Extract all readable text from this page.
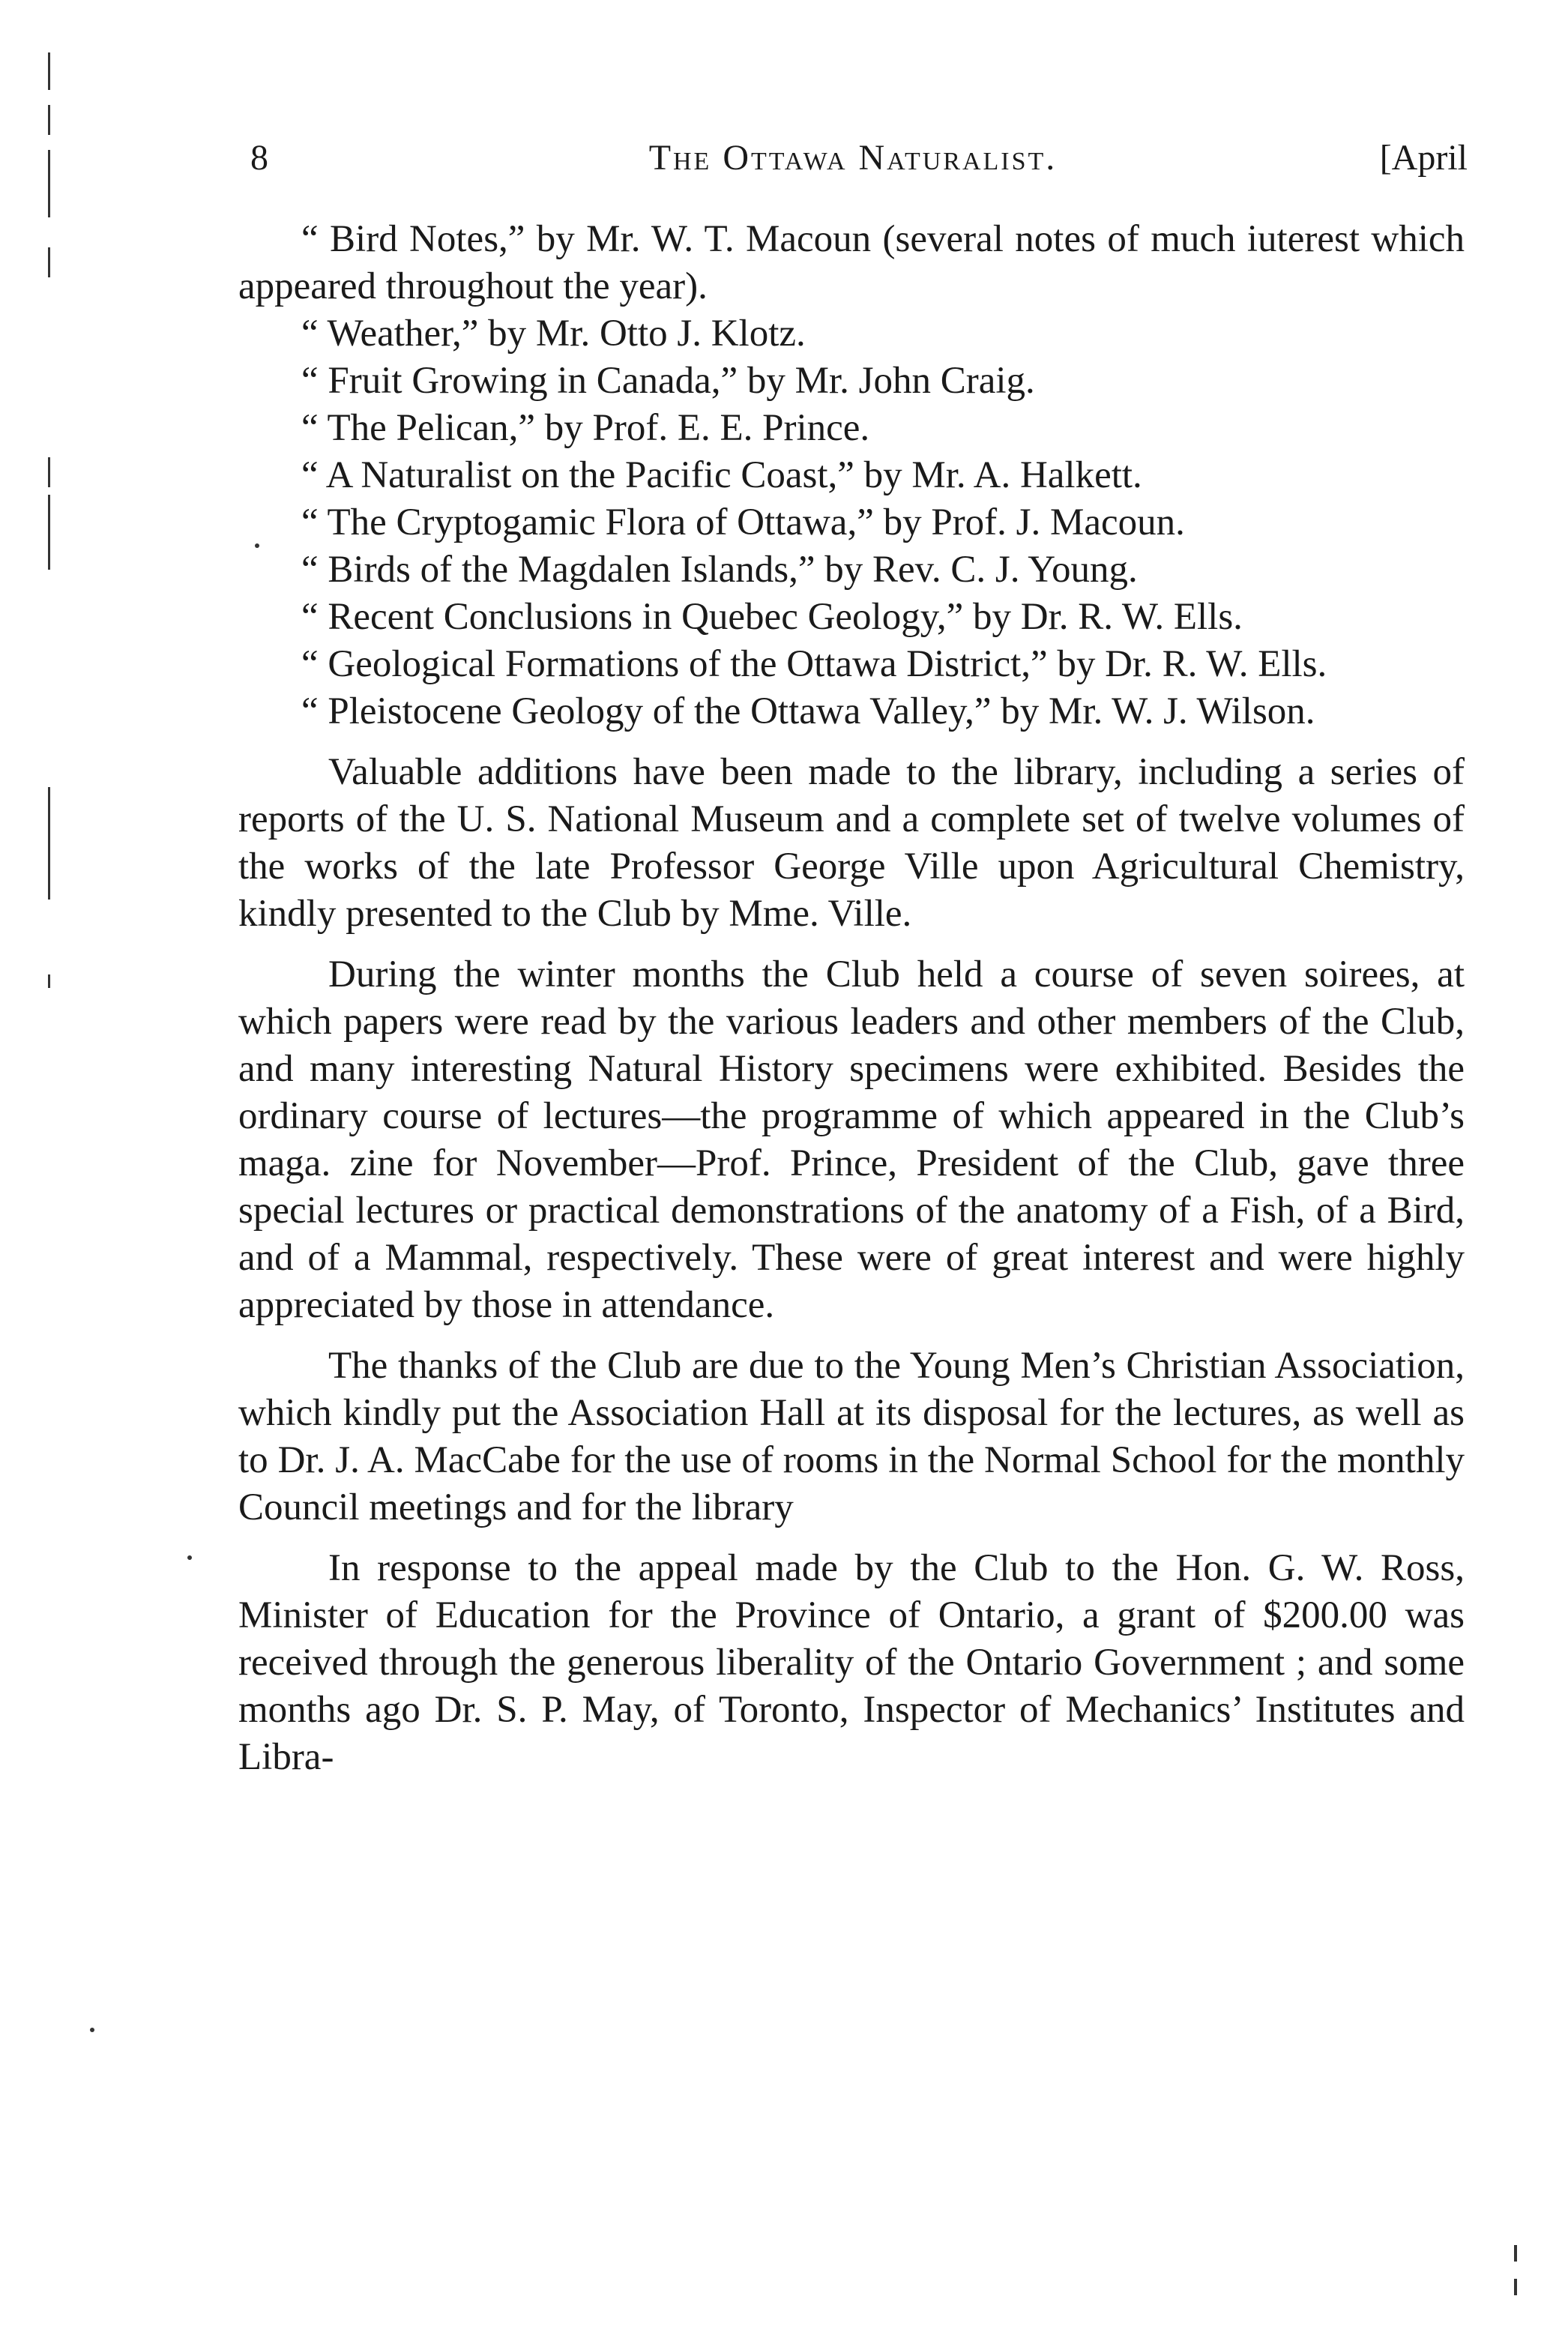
8	The Ottawa Naturalist.	[April

“ Bird Notes,” by Mr. W. T. Macoun (several notes of much iuterest which appeared throughout the year).

“ Weather,” by Mr. Otto J. Klotz.

“ Fruit Growing in Canada,” by Mr. John Craig.

“ The Pelican,” by Prof. E. E. Prince.

“ A Naturalist on the Pacific Coast,” by Mr. A. Halkett.

“ The Cryptogamic Flora of Ottawa,” by Prof. J. Macoun.

“ Birds of the Magdalen Islands,” by Rev. C. J. Young.

“ Recent Conclusions in Quebec Geology,” by Dr. R. W. Ells.

“ Geological Formations of the Ottawa District,” by Dr. R. W. Ells.

“ Pleistocene Geology of the Ottawa Valley,” by Mr. W. J. Wilson.

Valuable additions have been made to the library, including a series of reports of the U. S. National Museum and a complete set of twelve volumes of the works of the late Professor George Ville upon Agricultural Chemistry, kindly presented to the Club by Mme. Ville.

During the winter months the Club held a course of seven soirees, at which papers were read by the various leaders and other members of the Club, and many interesting Natural History specimens were exhibited. Besides the ordinary course of lectures—the programme of which appeared in the Club’s maga. zine for November—Prof. Prince, President of the Club, gave three special lectures or practical demonstrations of the anatomy of a Fish, of a Bird, and of a Mammal, respectively. These were of great interest and were highly appreciated by those in attendance.

The thanks of the Club are due to the Young Men’s Christian Association, which kindly put the Association Hall at its disposal for the lectures, as well as to Dr. J. A. MacCabe for the use of rooms in the Normal School for the monthly Council meetings and for the library

In response to the appeal made by the Club to the Hon. G. W. Ross, Minister of Education for the Province of Ontario, a grant of $200.00 was received through the generous liberality of the Ontario Government ; and some months ago Dr. S. P. May, of Toronto, Inspector of Mechanics’ Institutes and Libra-
